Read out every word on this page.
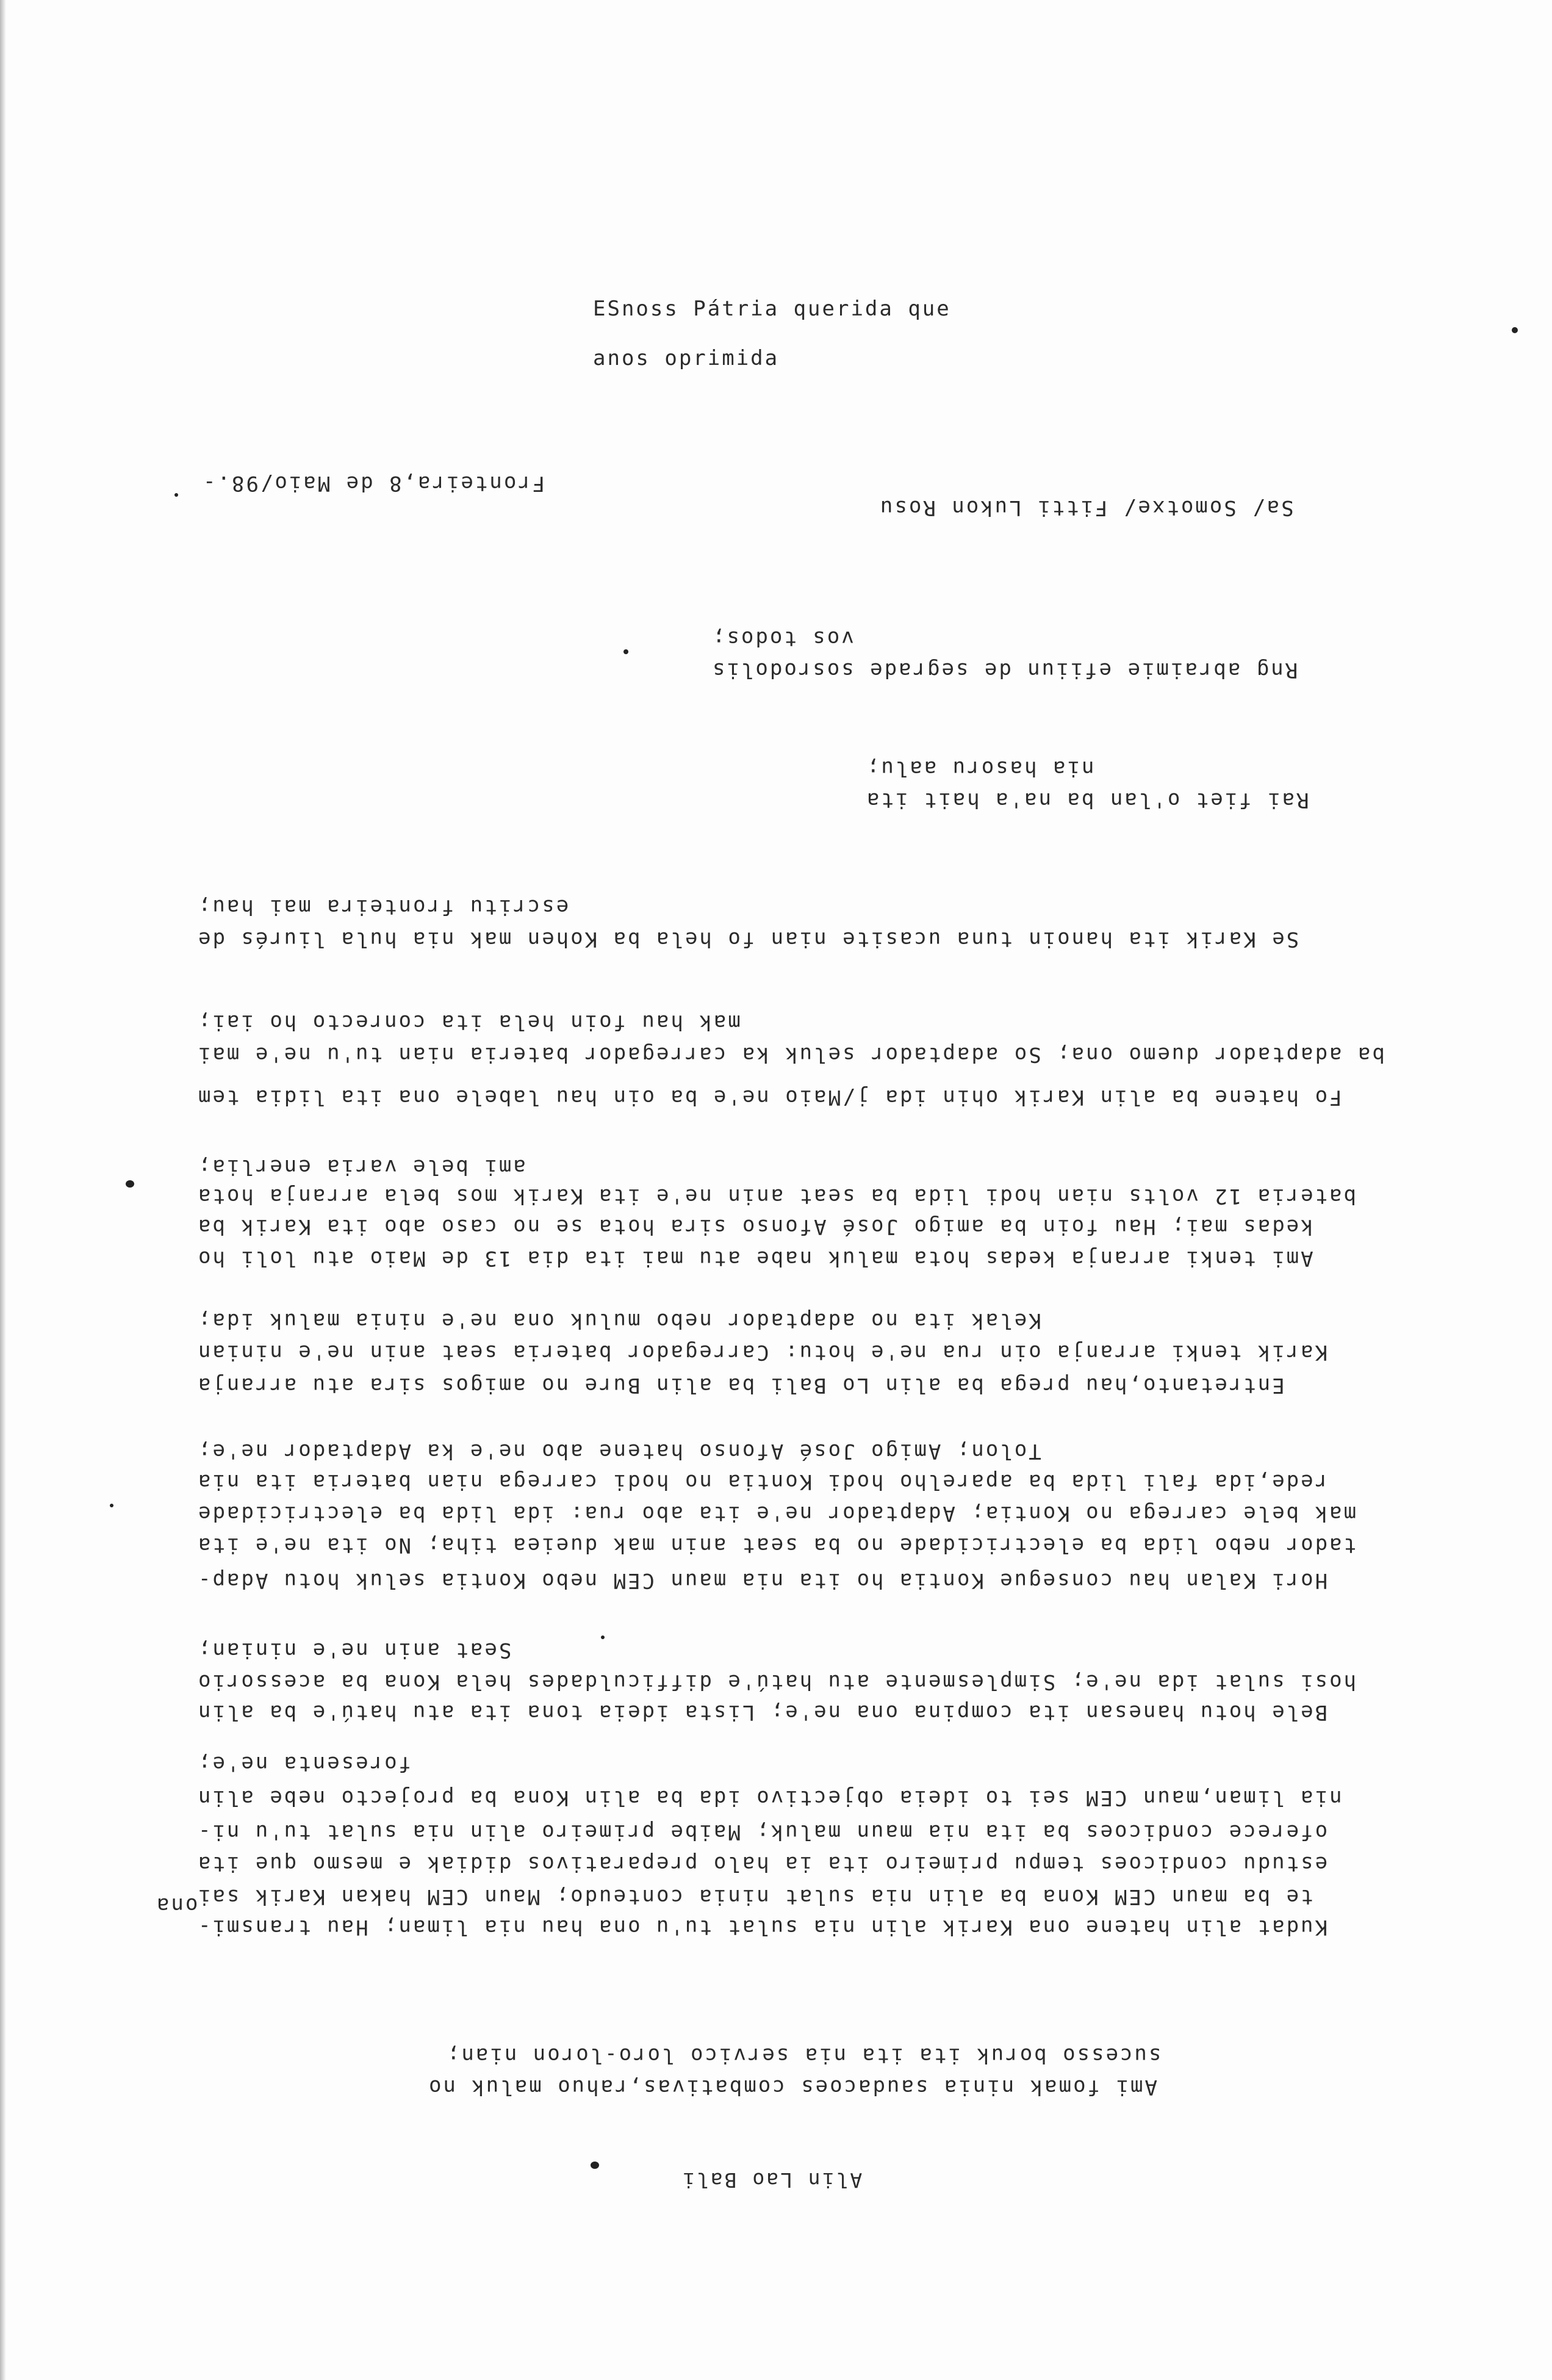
ESnoss Pátria querida que
anos oprimida
Fronteira,8 de Maio/98.-
Sa/ Somotxe/ Fitti Lukon Rosu
vos todos;
Rng abraimie efiiun de segrade sosrodolis
nia hasoru aalu;
Rai fiet o'lan ba na'a hait ita
escritu fronteira mai hau;
Se Karik ita hanoin tuna ucasite nian fo hela ba Kohen mak nia hula liurés de
mak hau foin hela ita conrecto ho iai;
ba adaptador duemo ona; So adaptador seluk ka carregador bateria nian tu'u ne'e mai
Fo hatene ba alin Karik ohin ida j/Maio ne'e ba oin hau labele ona ita lidia tem
ami bele varia enerlia;
bateria 12 volts nian hodi lida ba seat anin ne'e ita Karik mos bela arranja hota
kedas mai; Hau foin ba amigo José Afonso sira hota se no caso abo ita Karik ba
Ami tenki arranja kedas hota maluk nabe atu mai ita dia 13 de Maio atu loli ho
Kelak ita no adaptador nebo muluk ona ne'e ninia maluk ida;
Karik tenki arranja oin rua ne'e hotu: Carregador bateria seat anin ne'e ninian
Entretanto,hau prega ba alin Lo Bali ba alin Bure no amigos sira atu arranja
Tolon; Amigo José Afonso hatene abo ne'e ka Adaptador ne'e;
rede,ida fali lida ba aparelho hodi Kontia no hodi carrega nian bateria ita nia
mak bele carrega no Kontia; Adaptador ne'e ita abo rua: ida lida ba electricidade
tador nebo lida ba electricidade no ba seat anin mak dueiea tiha; No ita ne'e ita
Hori Kalan hau consegue Kontia ho ita nia maun CEM nebo Kontia seluk hotu Adap-
Seat anin ne'e ninian;
hosi sulat ida ne'e; Simplesmente atu hatú'e difficuldades hela Kona ba acessorio
Bele hotu hanesan ita compina ona ne'e; Lista ideia tona ita atu hatú'e ba alin
foresenta ne'e;
nia liman,maun CEM sei to ideia objectivo ida ba alin Kona ba projecto nebe alin
oferece condicoes ba ita nia maun maluk; Maibe primeiro alin nia sulat tu'u ni-
estudu condicoes tempu primeiro ita ia halo preparativos didiak e mesmo que ita
te ba maun CEM Kona ba alin nia sulat ninia conteudo; Maun CEM hakan Karik sai
Kudat alin hatene ona Karik alin nia sulat tu'u ona hau nia liman; Hau transmi-
ona
sucesso boruk ita ita nia servico loro-loron nian;
Ami fomak ninia saudacoes combativas,rahuo maluk no
Alin Lao Bali
